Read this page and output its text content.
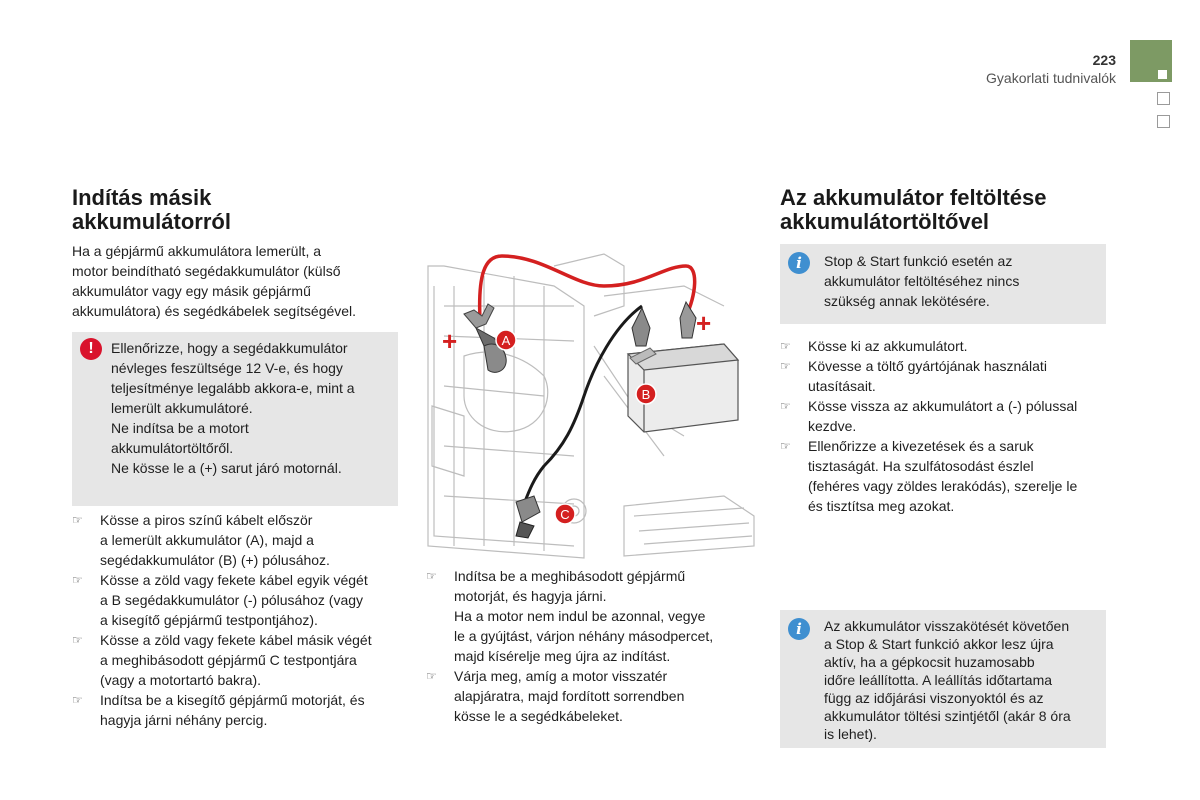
223
Gyakorlati tudnivalók
Indítás másik
akkumulátorról
Ha a gépjármű akkumulátora lemerült, a
motor beindítható segédakkumulátor (külső
akkumulátor vagy egy másik gépjármű
akkumulátora) és segédkábelek segítségével.
!	Ellenőrizze, hogy a segédakkumulátor
névleges feszültsége 12 V-e, és hogy
teljesítménye legalább akkora-e, mint a
lemerült akkumulátoré.
Ne indítsa be a motort
akkumulátortöltőről.
Ne kösse le a (+) sarut járó motornál.
☞ Kösse a piros színű kábelt először
a lemerült akkumulátor (A), majd a
segédakkumulátor (B) (+) pólusához.
☞ Kösse a zöld vagy fekete kábel egyik végét
a B segédakkumulátor (-) pólusához (vagy
a kisegítő gépjármű testpontjához).
☞ Kösse a zöld vagy fekete kábel másik végét
a meghibásodott gépjármű C testpontjára
(vagy a motortartó bakra).
☞ Indítsa be a kisegítő gépjármű motorját, és
hagyja járni néhány percig.
+
+
A
B
C
☞ Indítsa be a meghibásodott gépjármű
motorját, és hagyja járni.
Ha a motor nem indul be azonnal, vegye
le a gyújtást, várjon néhány másodpercet,
majd kísérelje meg újra az indítást.
☞ Várja meg, amíg a motor visszatér
alapjáratra, majd fordított sorrendben
kösse le a segédkábeleket.
Az akkumulátor feltöltése
akkumulátortöltővel
i	Stop & Start funkció esetén az
akkumulátor feltöltéséhez nincs
szükség annak lekötésére.
☞ Kösse ki az akkumulátort.
☞ Kövesse a töltő gyártójának használati
utasításait.
☞ Kösse vissza az akkumulátort a (-) pólussal
kezdve.
☞ Ellenőrizze a kivezetések és a saruk
tisztaságát. Ha szulfátosodást észlel
(fehéres vagy zöldes lerakódás), szerelje le
és tisztítsa meg azokat.
i	Az akkumulátor visszakötését követően
a Stop & Start funkció akkor lesz újra
aktív, ha a gépkocsit huzamosabb
időre leállította. A leállítás időtartama
függ az időjárási viszonyoktól és az
akkumulátor töltési szintjétől (akár 8 óra
is lehet).
